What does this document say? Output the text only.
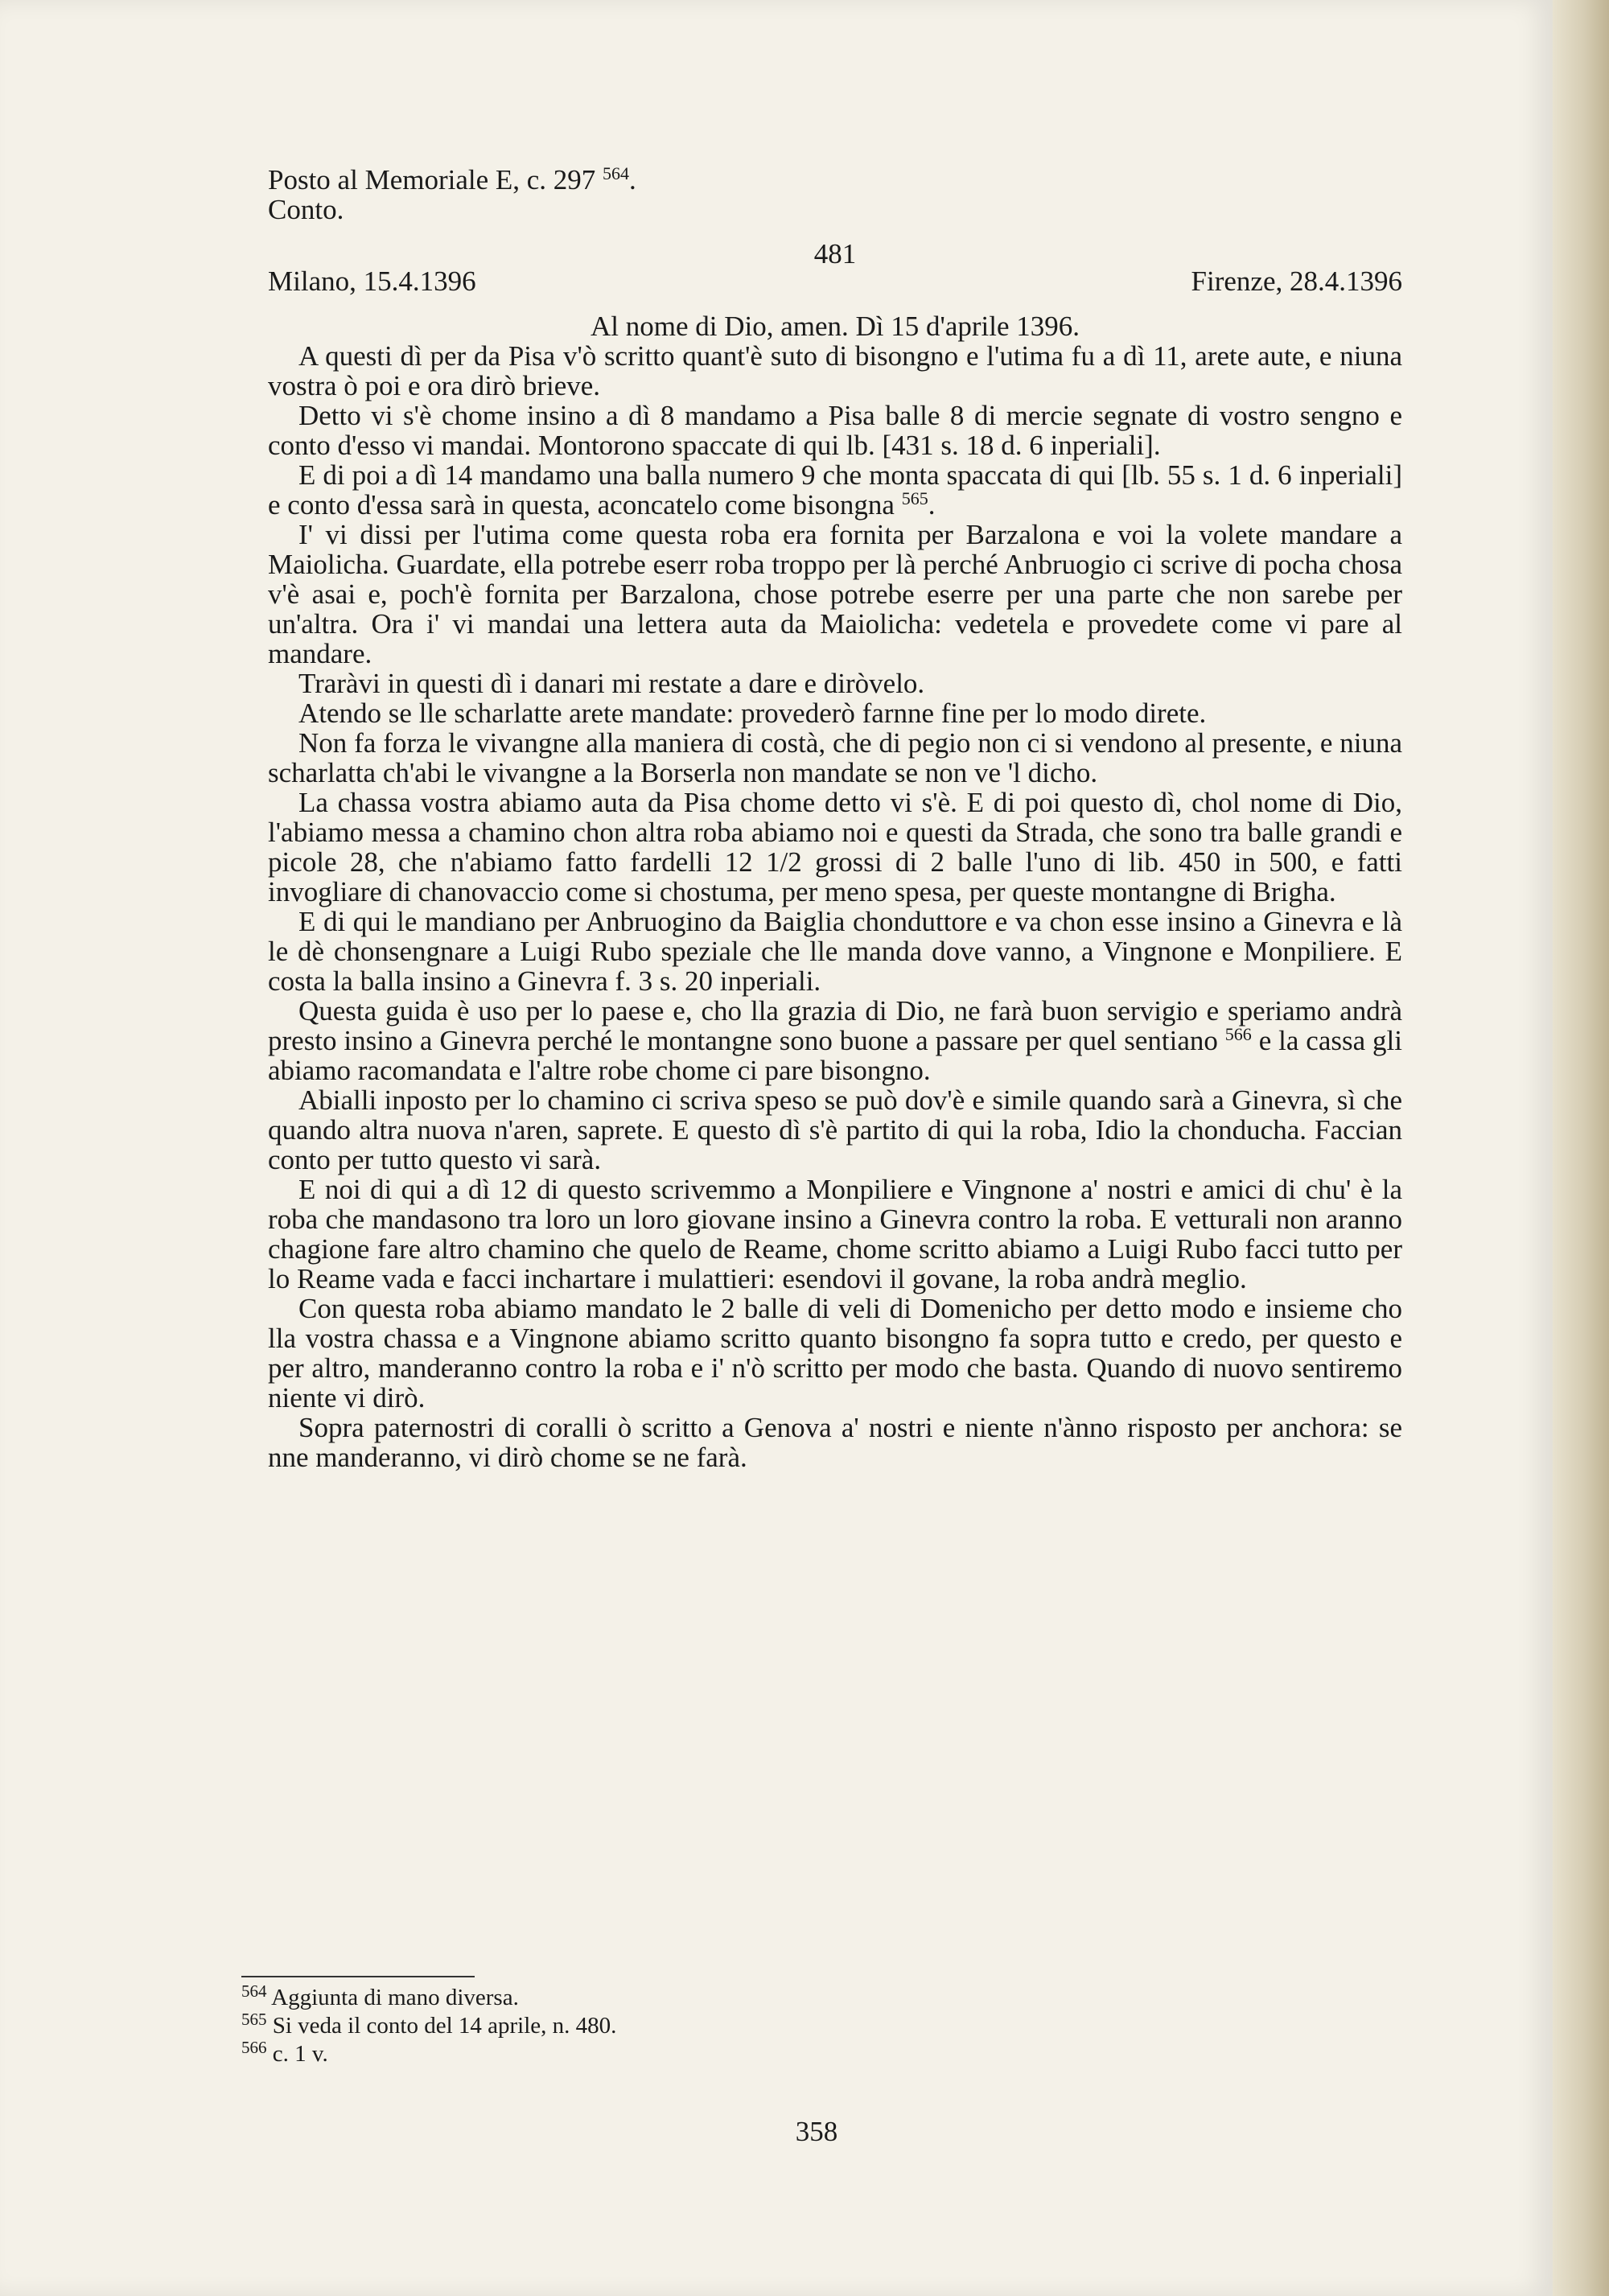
Posto al Memoriale E, c. 297 $^{564}$.
Conto.
481
Milano, 15.4.1396	Firenze, 28.4.1396

Al nome di Dio, amen. Dì 15 d'aprile 1396.

A questi dì per da Pisa v'ò scritto quant'è suto di bisongno e l'utima fu a dì 11, arete aute, e niuna vostra ò poi e ora dirò brieve.

Detto vi s'è chome insino a dì 8 mandamo a Pisa balle 8 di mercie segnate di vostro sengno e conto d'esso vi mandai. Montorono spaccate di qui lb. [431 s. 18 d. 6 inperiali].

E di poi a dì 14 mandamo una balla numero 9 che monta spaccata di qui [lb. 55 s. 1 d. 6 inperiali] e conto d'essa sarà in questa, aconcatelo come bisongna $^{565}$.

I' vi dissi per l'utima come questa roba era fornita per Barzalona e voi la volete mandare a Maiolicha. Guardate, ella potrebe eserr roba troppo per là perché Anbruogio ci scrive di pocha chosa v'è asai e, poch'è fornita per Barzalona, chose potrebe eserre per una parte che non sarebe per un'altra. Ora i' vi mandai una lettera auta da Maiolicha: vedetela e provedete come vi pare al mandare.

Traràvi in questi dì i danari mi restate a dare e diròvelo.

Atendo se lle scharlatte arete mandate: provederò farnne fine per lo modo direte.

Non fa forza le vivangne alla maniera di costà, che di pegio non ci si vendono al presente, e niuna scharlatta ch'abi le vivangne a la Borserla non mandate se non ve 'l dicho.

La chassa vostra abiamo auta da Pisa chome detto vi s'è. E di poi questo dì, chol nome di Dio, l'abiamo messa a chamino chon altra roba abiamo noi e questi da Strada, che sono tra balle grandi e picole 28, che n'abiamo fatto fardelli 12 1/2 grossi di 2 balle l'uno di lib. 450 in 500, e fatti invogliare di chanovaccio come si chostuma, per meno spesa, per queste montangne di Brigha.

E di qui le mandiano per Anbruogino da Baiglia chonduttore e va chon esse insino a Ginevra e là le dè chonsengnare a Luigi Rubo speziale che lle manda dove vanno, a Vingnone e Monpiliere. E costa la balla insino a Ginevra f. 3 s. 20 inperiali.

Questa guida è uso per lo paese e, cho lla grazia di Dio, ne farà buon servigio e speriamo andrà presto insino a Ginevra perché le montangne sono buone a passare per quel sentiano $^{566}$ e la cassa gli abiamo racomandata e l'altre robe chome ci pare bisongno.

Abialli inposto per lo chamino ci scriva speso se può dov'è e simile quando sarà a Ginevra, sì che quando altra nuova n'aren, saprete. E questo dì s'è partito di qui la roba, Idio la chonducha. Faccian conto per tutto questo vi sarà.

E noi di qui a dì 12 di questo scrivemmo a Monpiliere e Vingnone a' nostri e amici di chu' è la roba che mandasono tra loro un loro giovane insino a Ginevra contro la roba. E vetturali non aranno chagione fare altro chamino che quelo de Reame, chome scritto abiamo a Luigi Rubo facci tutto per lo Reame vada e facci inchartare i mulattieri: esendovi il govane, la roba andrà meglio.

Con questa roba abiamo mandato le 2 balle di veli di Domenicho per detto modo e insieme cho lla vostra chassa e a Vingnone abiamo scritto quanto bisongno fa sopra tutto e credo, per questo e per altro, manderanno contro la roba e i' n'ò scritto per modo che basta. Quando di nuovo sentiremo niente vi dirò.

Sopra paternostri di coralli ò scritto a Genova a' nostri e niente n'ànno risposto per anchora: se nne manderanno, vi dirò chome se ne farà.

$^{564}$ Aggiunta di mano diversa.
$^{565}$ Si veda il conto del 14 aprile, n. 480.
$^{566}$ c. 1 v.
358
